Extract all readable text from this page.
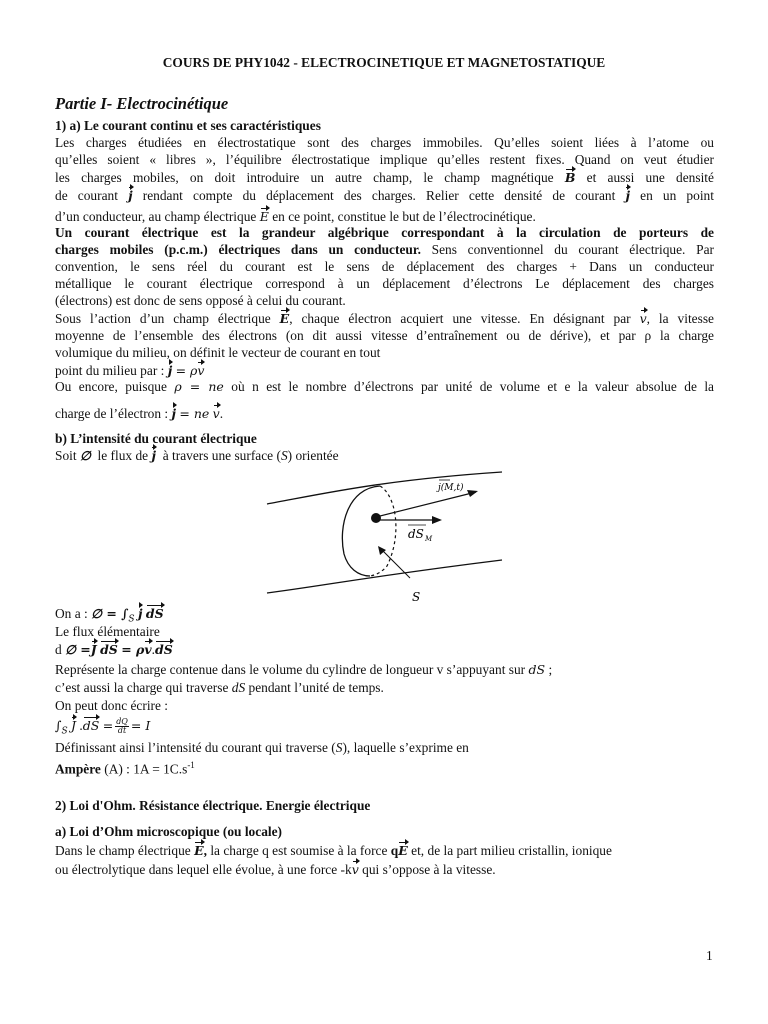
COURS DE PHY1042 - ELECTROCINETIQUE ET MAGNETOSTATIQUE
Partie I- Electrocinétique
1) a) Le courant continu et ses caractéristiques
Les charges étudiées en électrostatique sont des charges immobiles. Qu’elles soient liées à l’atome ou
qu’elles soient « libres », l’équilibre électrostatique implique qu’elles restent fixes. Quand on veut étudier
les charges mobiles, on doit introduire un autre champ, le champ magnétique B et aussi une densité
de courant j rendant compte du déplacement des charges. Relier cette densité de courant j en un point
d’un conducteur, au champ électrique E en ce point, constitue le but de l’électrocinétique.
Un courant électrique est la grandeur algébrique correspondant à la circulation de porteurs de
charges mobiles (p.c.m.) électriques dans un conducteur. Sens conventionnel du courant électrique. Par
convention, le sens réel du courant est le sens de déplacement des charges + Dans un conducteur
métallique le courant électrique correspond à un déplacement d’électrons Le déplacement des charges
(électrons) est donc de sens opposé à celui du courant.
Sous l’action d’un champ électrique E, chaque électron acquiert une vitesse. En désignant par v, la vitesse
moyenne de l’ensemble des électrons (on dit aussi vitesse d’entraînement ou de dérive), et par ρ la charge
volumique du milieu, on définit le vecteur de courant en tout
point du milieu par : j = ρv
Ou encore, puisque ρ = ne où n est le nombre d’électrons par unité de volume et e la valeur absolue de la
charge de l’électron : j = ne v.
b) L’intensité du courant électrique
Soit ∅ le flux de j à travers une surface (S) orientée
j(M,t)
dS M
S
On a : ∅ = $\int_S$ j dS
Le flux élémentaire
d ∅ =J dS = ρv.dS
Représente la charge contenue dans le volume du cylindre de longueur v s’appuyant sur dS ;
c’est aussi la charge qui traverse dS pendant l’unité de temps.
On peut donc écrire :
$\int_S$ J $.dS = \frac{dQ}{dt} = I$
Définissant ainsi l’intensité du courant qui traverse (S), laquelle s’exprime en
Ampère (A) : $1A = 1C.s^{-1}$
2) Loi d'Ohm. Résistance électrique. Energie électrique
a) Loi d’Ohm microscopique (ou locale)
Dans le champ électrique E, la charge q est soumise à la force qE et, de la part milieu cristallin, ionique
ou électrolytique dans lequel elle évolue, à une force -kv qui s’oppose à la vitesse.
1
